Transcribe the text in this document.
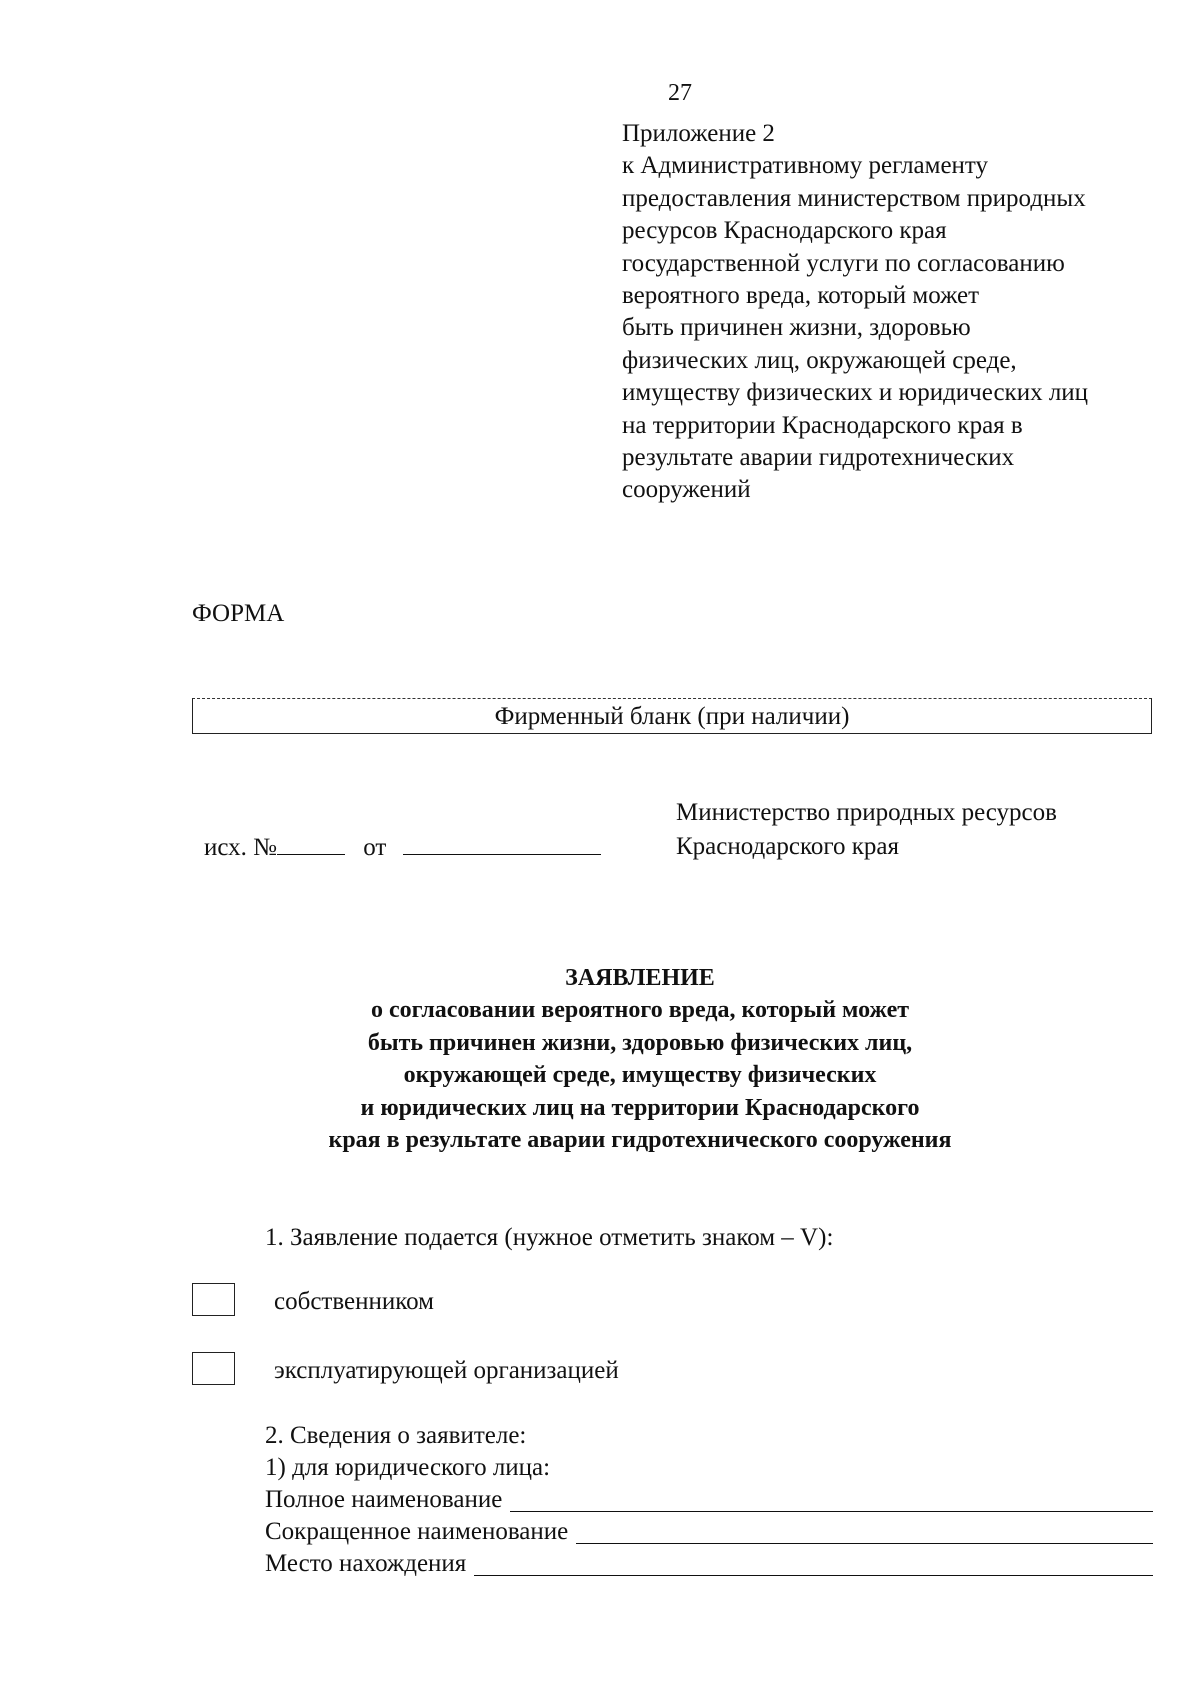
27
Приложение 2
к Административному регламенту
предоставления министерством природных
ресурсов Краснодарского края
государственной услуги по согласованию
вероятного вреда, который может
быть причинен жизни, здоровью
физических лиц, окружающей среде,
имуществу физических и юридических лиц
на территории Краснодарского края в
результате аварии гидротехнических
сооружений
ФОРМА
Фирменный бланк (при наличии)
исх. №	от
Министерство природных ресурсов
Краснодарского края
ЗАЯВЛЕНИЕ
о согласовании вероятного вреда, который может
быть причинен жизни, здоровью физических лиц,
окружающей среде, имуществу физических
и юридических лиц на территории Краснодарского
края в результате аварии гидротехнического сооружения
1. Заявление подается (нужное отметить знаком – V):
собственником
эксплуатирующей организацией
2. Сведения о заявителе:
1) для юридического лица:
Полное наименование
Сокращенное наименование
Место нахождения
